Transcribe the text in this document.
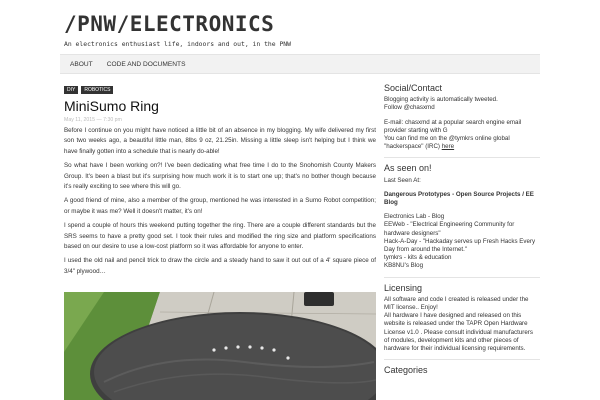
/PNW/ELECTRONICS
An electronics enthusiast life, indoors and out, in the PNW
ABOUT CODE AND DOCUMENTS
DIY	ROBOTICS
MiniSumo Ring
May 11, 2015 — 7:30 pm

Before I continue on you might have noticed a little bit of an absence in my blogging. My wife delivered my first son two weeks ago, a beautiful little man, 8lbs 9 oz, 21.25in. Missing a little sleep isn't helping but I think we have finally gotten into a schedule that is nearly do-able!

So what have I been working on?! I've been dedicating what free time I do to the Snohomish County Makers Group. It's been a blast but it's surprising how much work it is to start one up; that's no bother though because it's really exciting to see where this will go.

A good friend of mine, also a member of the group, mentioned he was interested in a Sumo Robot competition; or maybe it was me? Well it doesn't matter, it's on!

I spend a couple of hours this weekend putting together the ring. There are a couple different standards but the SRS seems to have a pretty good set. I took their rules and modified the ring size and platform specifications based on our desire to use a low-cost platform so it was affordable for anyone to enter.

I used the old nail and pencil trick to draw the circle and a steady hand to saw it out out of a 4' square piece of 3/4" plywood…

Social/Contact
Blogging activity is automatically tweeted.
Follow @chasxmd
E-mail: chasxmd at a popular search engine email
provider starting with G
You can find me on the @tymkrs online global
"hackerspace" (IRC) here
As seen on!
Last Seen At:
Dangerous Prototypes - Open Source Projects / EE
Blog
Electronics Lab - Blog
EEWeb - "Electrical Engineering Community for
hardware designers"
Hack-A-Day - "Hackaday serves up Fresh Hacks Every
Day from around the Internet."
tymkrs - kits & education
KB8NU's Blog
Licensing
All software and code I created is released under the
MIT license.. Enjoy!
All hardware I have designed and released on this
website is released under the TAPR Open Hardware
License v1.0 . Please consult individual manufacturers
of modules, development kits and other pieces of
hardware for their individual licensing requirements.
Categories
